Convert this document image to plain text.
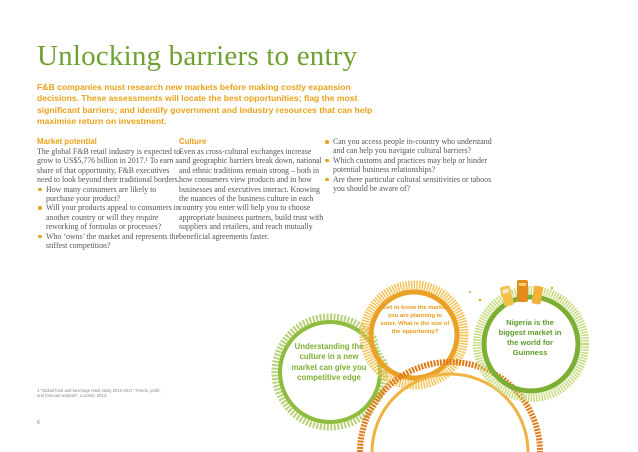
Unlocking barriers to entry
F&B companies must research new markets before making costly expansion decisions. These assessments will locate the best opportunities; flag the most significant barriers; and identify government and industry resources that can help maximise return on investment.
Market potential

The global F&B retail industry is expected to grow to US$5,776 billion in 2017.¹ To earn a share of that opportunity, F&B executives need to look beyond their traditional borders.

How many consumers are likely to purchase your product?
Will your products appeal to consumers in another country or will they require reworking of formulas or processes?
Who ‘owns’ the market and represents the stiffest competition?
Culture

Even as cross-cultural exchanges increase and geographic barriers break down, national and ethnic traditions remain strong – both in how consumers view products and in how businesses and executives interact. Knowing the nuances of the business culture in each country you enter will help you to choose appropriate business partners, build trust with suppliers and retailers, and reach mutually beneficial agreements faster.

Can you access people in-country who understand and can help you navigate cultural barriers?
Which customs and practices may help or hinder potential business relationships?
Are there particular cultural sensitivities or taboos you should be aware of?
Understanding the culture in a new market can give you competitive edge
Get to know the market you are planning to enter. What is the size of the opportunity?
Nigeria is the biggest market in the world for Guinness
1 “Global food and beverage retail study 2012-2017: Trends, profit, and forecast analysis”, Lucintel, 2013.
6
